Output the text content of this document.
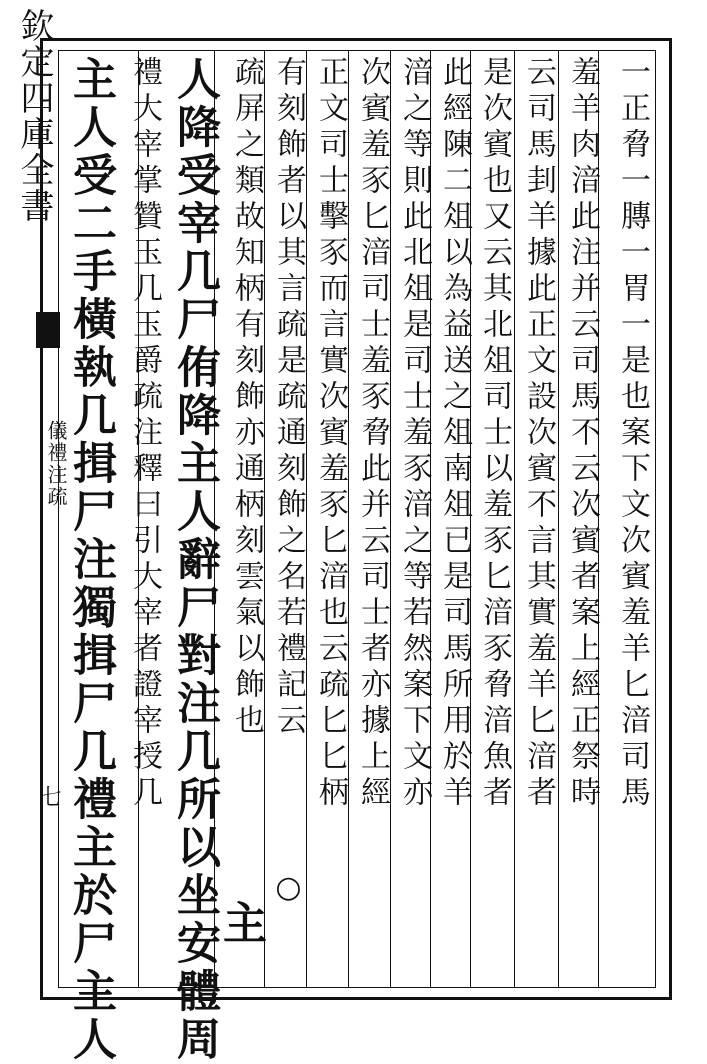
欽定四庫全書
儀禮注疏
七	一正脅一膞一胃一是也案下文次賓羞羊匕湆司馬
羞羊肉湆此注并云司馬不云次賓者案上經正祭時
云司馬刲羊據此正文設次賓不言其實羞羊匕湆者
是次賓也又云其北俎司士以羞豕匕湆豕脅湆魚者
此經陳二俎以為益送之俎南俎已是司馬所用於羊
湆之等則此北俎是司士羞豕湆之等若然案下文亦
次賓羞豕匕湆司士羞豕脅此并云司士者亦據上經
正文司士擊豕而言實次賓羞豕匕湆也云疏匕匕柄
有刻飾者以其言疏是疏通刻飾之名若禮記云
○
疏屏之類故知柄有刻飾亦通柄刻雲氣以飾也
主
人降受宰几尸侑降主人辭尸對注几所以坐安體周
禮大宰掌贊玉几玉爵疏注釋曰引大宰者證宰授几
主人受二手橫執几揖尸注獨揖尸几禮主於尸主人
